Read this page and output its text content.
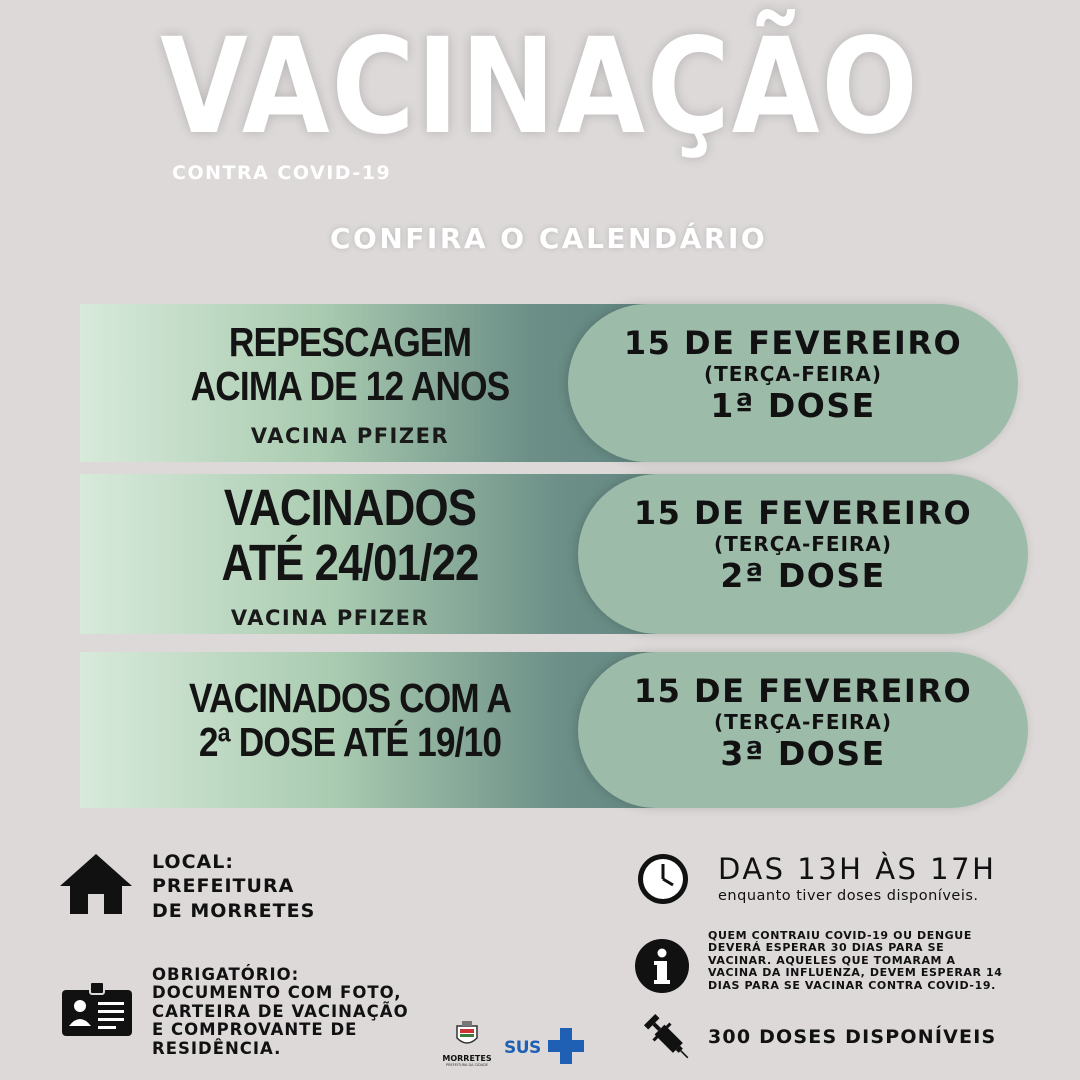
VACINAÇÃO
CONTRA COVID-19
CONFIRA O CALENDÁRIO
REPESCAGEM
ACIMA DE 12 ANOS
VACINA PFIZER
15 DE FEVEREIRO
(TERÇA-FEIRA)
1ª DOSE
VACINADOS
ATÉ 24/01/22
VACINA PFIZER
15 DE FEVEREIRO
(TERÇA-FEIRA)
2ª DOSE
VACINADOS COM A
2ª DOSE ATÉ 19/10
15 DE FEVEREIRO
(TERÇA-FEIRA)
3ª DOSE
LOCAL:
PREFEITURA
DE MORRETES
OBRIGATÓRIO:
DOCUMENTO COM FOTO,
CARTEIRA DE VACINAÇÃO
E COMPROVANTE DE
RESIDÊNCIA.
MORRETES
PREFEITURA DA CIDADE
SUS
DAS 13H ÀS 17H
enquanto tiver doses disponíveis.
QUEM CONTRAIU COVID-19 OU DENGUE
DEVERÁ ESPERAR 30 DIAS PARA SE
VACINAR. AQUELES QUE TOMARAM A
VACINA DA INFLUENZA, DEVEM ESPERAR 14
DIAS PARA SE VACINAR CONTRA COVID-19.
300 DOSES DISPONÍVEIS
